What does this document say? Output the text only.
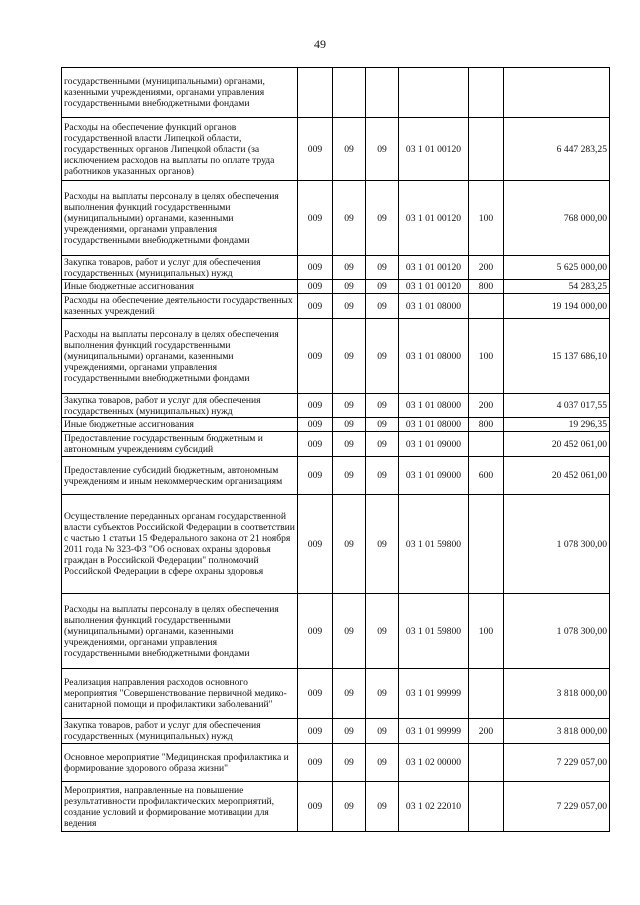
49
государственными (муниципальными) органами, казенными учреждениями, органами управления государственными внебюджетными фондами						
Расходы на обеспечение функций органов государственной власти Липецкой области, государственных органов Липецкой области (за исключением расходов на выплаты по оплате труда работников указанных органов)	009	09	09	03 1 01 00120		6 447 283,25
Расходы на выплаты персоналу в целях обеспечения выполнения функций государственными (муниципальными) органами, казенными учреждениями, органами управления государственными внебюджетными фондами	009	09	09	03 1 01 00120	100	768 000,00
Закупка товаров, работ и услуг для обеспечения государственных (муниципальных) нужд	009	09	09	03 1 01 00120	200	5 625 000,00
Иные бюджетные ассигнования	009	09	09	03 1 01 00120	800	54 283,25
Расходы на обеспечение деятельности государственных казенных учреждений	009	09	09	03 1 01 08000		19 194 000,00
Расходы на выплаты персоналу в целях обеспечения выполнения функций государственными (муниципальными) органами, казенными учреждениями, органами управления государственными внебюджетными фондами	009	09	09	03 1 01 08000	100	15 137 686,10
Закупка товаров, работ и услуг для обеспечения государственных (муниципальных) нужд	009	09	09	03 1 01 08000	200	4 037 017,55
Иные бюджетные ассигнования	009	09	09	03 1 01 08000	800	19 296,35
Предоставление государственным бюджетным и автономным учреждениям субсидий	009	09	09	03 1 01 09000		20 452 061,00
Предоставление субсидий бюджетным, автономным учреждениям и иным некоммерческим организациям	009	09	09	03 1 01 09000	600	20 452 061,00
Осуществление переданных органам государственной власти субъектов Российской Федерации в соответствии с частью 1 статьи 15 Федерального закона от 21 ноября 2011 года № 323-ФЗ "Об основах охраны здоровья граждан в Российской Федерации" полномочий Российской Федерации в сфере охраны здоровья	009	09	09	03 1 01 59800		1 078 300,00
Расходы на выплаты персоналу в целях обеспечения выполнения функций государственными (муниципальными) органами, казенными учреждениями, органами управления государственными внебюджетными фондами	009	09	09	03 1 01 59800	100	1 078 300,00
Реализация направления расходов основного мероприятия "Совершенствование первичной медико-санитарной помощи и профилактики заболеваний"	009	09	09	03 1 01 99999		3 818 000,00
Закупка товаров, работ и услуг для обеспечения государственных (муниципальных) нужд	009	09	09	03 1 01 99999	200	3 818 000,00
Основное мероприятие "Медицинская профилактика и формирование здорового образа жизни"	009	09	09	03 1 02 00000		7 229 057,00
Мероприятия, направленные на повышение результативности профилактических мероприятий, создание условий и формирование мотивации для ведения	009	09	09	03 1 02 22010		7 229 057,00
